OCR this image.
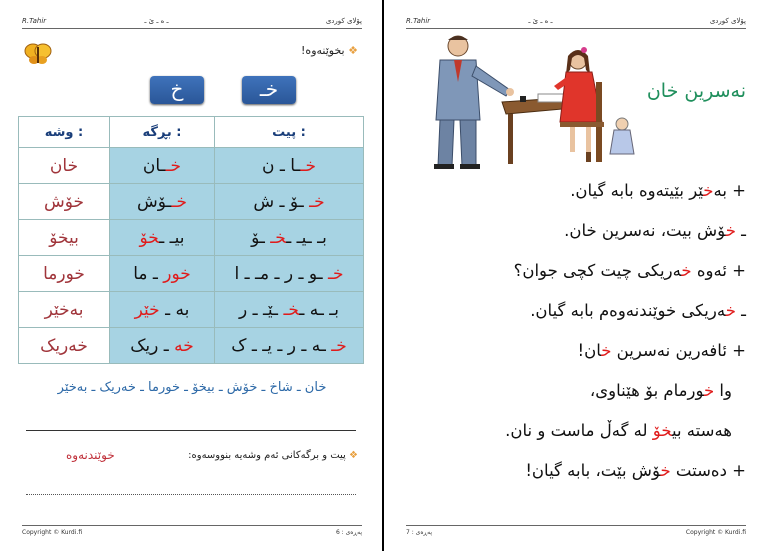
R.Tahir	ـ ه ـ ێ ـ	پۆلای کوردی
❖ بخوێنەوە!
خـ
خ
وشە :	بڕگە :	پیت :
خان	خــان	خــا ـ ن
خۆش	خــۆش	خـ ـۆ ـ ش
بیخۆ	بیـ ـخۆ	بـ ـيـ ـخـ ـۆ
خورما	خور ـ ما	خـ ـو ـ ر ـ مـ ـ ا
بەخێر	به ـ خێر	بـ ـه ـخـ ـێـ ـ ر
خەریک	خه ـ ریک	خـ ـه ـ ر ـ يـ ـ ک
خان ـ شاخ ـ خۆش ـ بیخۆ ـ خورما ـ خەریک ـ بەخێر
❖ پیت و برگەکانی ئەم وشەیە بنووسەوە:
خوێندنەوە
Copyright © Kurdi.fi	پەڕەی : 6
R.Tahir	ـ ه ـ ێ ـ	پۆلای کوردی
نەسرین خان
+ بەخێر بێیتەوە بابە گیان.
ـ خۆش بیت، نەسرین خان.
+ ئەوە خەریکی چیت کچی جوان؟
ـ خەریکی خوێندنەوەم بابە گیان.
+ ئافەرین نەسرین خان!
وا خورمام بۆ هێناوی،
هەستە بیخۆ لە گەڵ ماست و نان.
+ دەستت خۆش بێت، بابە گیان!
پەڕەی : 7	Copyright © Kurdi.fi
